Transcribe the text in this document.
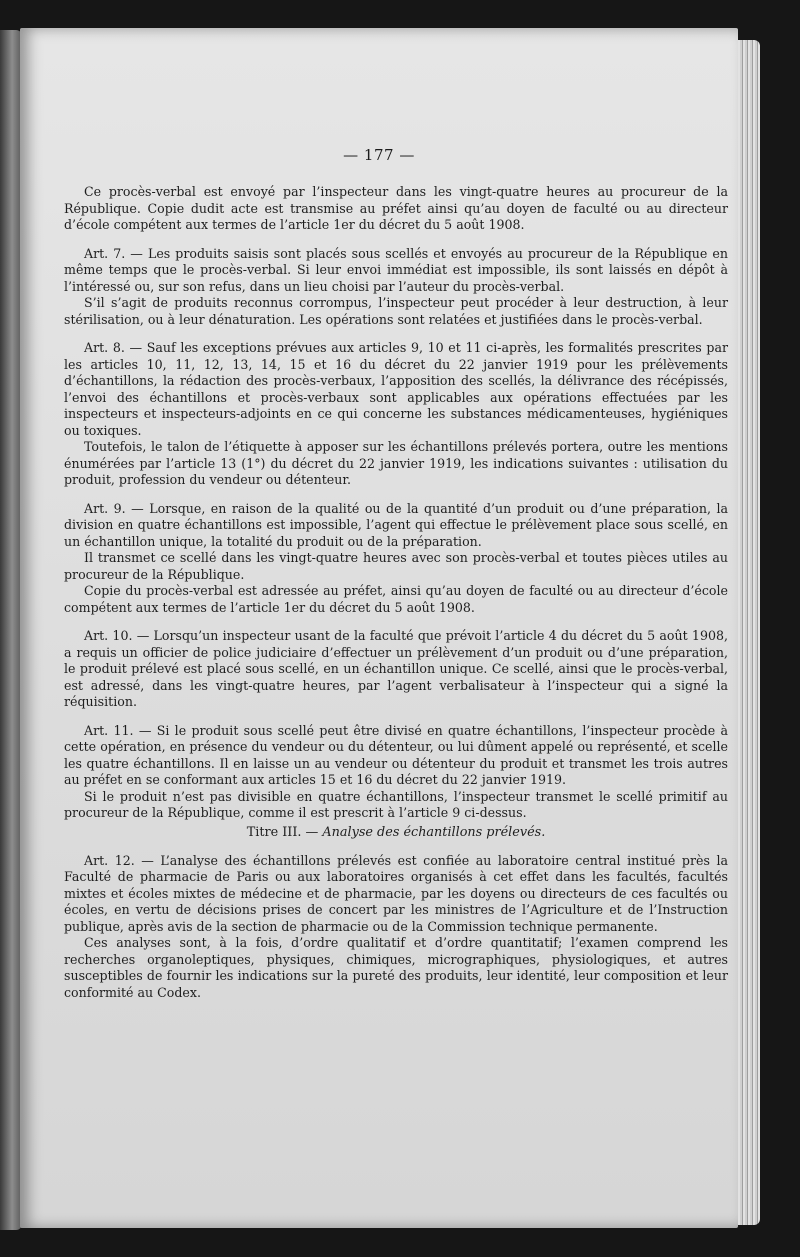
— 177 —

Ce procès-verbal est envoyé par l’inspecteur dans les vingt-quatre heures au procureur de la République. Copie dudit acte est transmise au préfet ainsi qu’au doyen de faculté ou au directeur d’école compétent aux termes de l’article 1er du décret du 5 août 1908.

Art. 7. — Les produits saisis sont placés sous scellés et envoyés au procureur de la République en même temps que le procès-verbal. Si leur envoi immédiat est impossible, ils sont laissés en dépôt à l’intéressé ou, sur son refus, dans un lieu choisi par l’auteur du procès-verbal.

S’il s’agit de produits reconnus corrompus, l’inspecteur peut procéder à leur destruction, à leur stérilisation, ou à leur dénaturation. Les opérations sont relatées et justifiées dans le procès-verbal.

Art. 8. — Sauf les exceptions prévues aux articles 9, 10 et 11 ci-après, les formalités prescrites par les articles 10, 11, 12, 13, 14, 15 et 16 du décret du 22 janvier 1919 pour les prélèvements d’échantillons, la rédaction des procès-verbaux, l’apposition des scellés, la délivrance des récépissés, l’envoi des échantillons et procès-verbaux sont applicables aux opérations effectuées par les inspecteurs et inspecteurs-adjoints en ce qui concerne les substances médicamenteuses, hygiéniques ou toxiques.

Toutefois, le talon de l’étiquette à apposer sur les échantillons prélevés portera, outre les mentions énumérées par l’article 13 (1°) du décret du 22 janvier 1919, les indications suivantes : utilisation du produit, profession du vendeur ou détenteur.

Art. 9. — Lorsque, en raison de la qualité ou de la quantité d’un produit ou d’une préparation, la division en quatre échantillons est impossible, l’agent qui effectue le prélèvement place sous scellé, en un échantillon unique, la totalité du produit ou de la préparation.

Il transmet ce scellé dans les vingt-quatre heures avec son procès-verbal et toutes pièces utiles au procureur de la République.

Copie du procès-verbal est adressée au préfet, ainsi qu’au doyen de faculté ou au directeur d’école compétent aux termes de l’article 1er du décret du 5 août 1908.

Art. 10. — Lorsqu’un inspecteur usant de la faculté que prévoit l’article 4 du décret du 5 août 1908, a requis un officier de police judiciaire d’effectuer un prélèvement d’un produit ou d’une préparation, le produit prélevé est placé sous scellé, en un échantillon unique. Ce scellé, ainsi que le procès-verbal, est adressé, dans les vingt-quatre heures, par l’agent verbalisateur à l’inspecteur qui a signé la réquisition.

Art. 11. — Si le produit sous scellé peut être divisé en quatre échantillons, l’inspecteur procède à cette opération, en présence du vendeur ou du détenteur, ou lui dûment appelé ou représenté, et scelle les quatre échantillons. Il en laisse un au vendeur ou détenteur du produit et transmet les trois autres au préfet en se conformant aux articles 15 et 16 du décret du 22 janvier 1919.

Si le produit n’est pas divisible en quatre échantillons, l’inspecteur transmet le scellé primitif au procureur de la République, comme il est prescrit à l’article 9 ci-dessus.

Titre III. — Analyse des échantillons prélevés.

Art. 12. — L’analyse des échantillons prélevés est confiée au laboratoire central institué près la Faculté de pharmacie de Paris ou aux laboratoires organisés à cet effet dans les facultés, facultés mixtes et écoles mixtes de médecine et de pharmacie, par les doyens ou directeurs de ces facultés ou écoles, en vertu de décisions prises de concert par les ministres de l’Agriculture et de l’Instruction publique, après avis de la section de pharmacie ou de la Commission technique permanente.

Ces analyses sont, à la fois, d’ordre qualitatif et d’ordre quantitatif; l’examen comprend les recherches organoleptiques, physiques, chimiques, micrographiques, physiologiques, et autres susceptibles de fournir les indications sur la pureté des produits, leur identité, leur composition et leur conformité au Codex.
